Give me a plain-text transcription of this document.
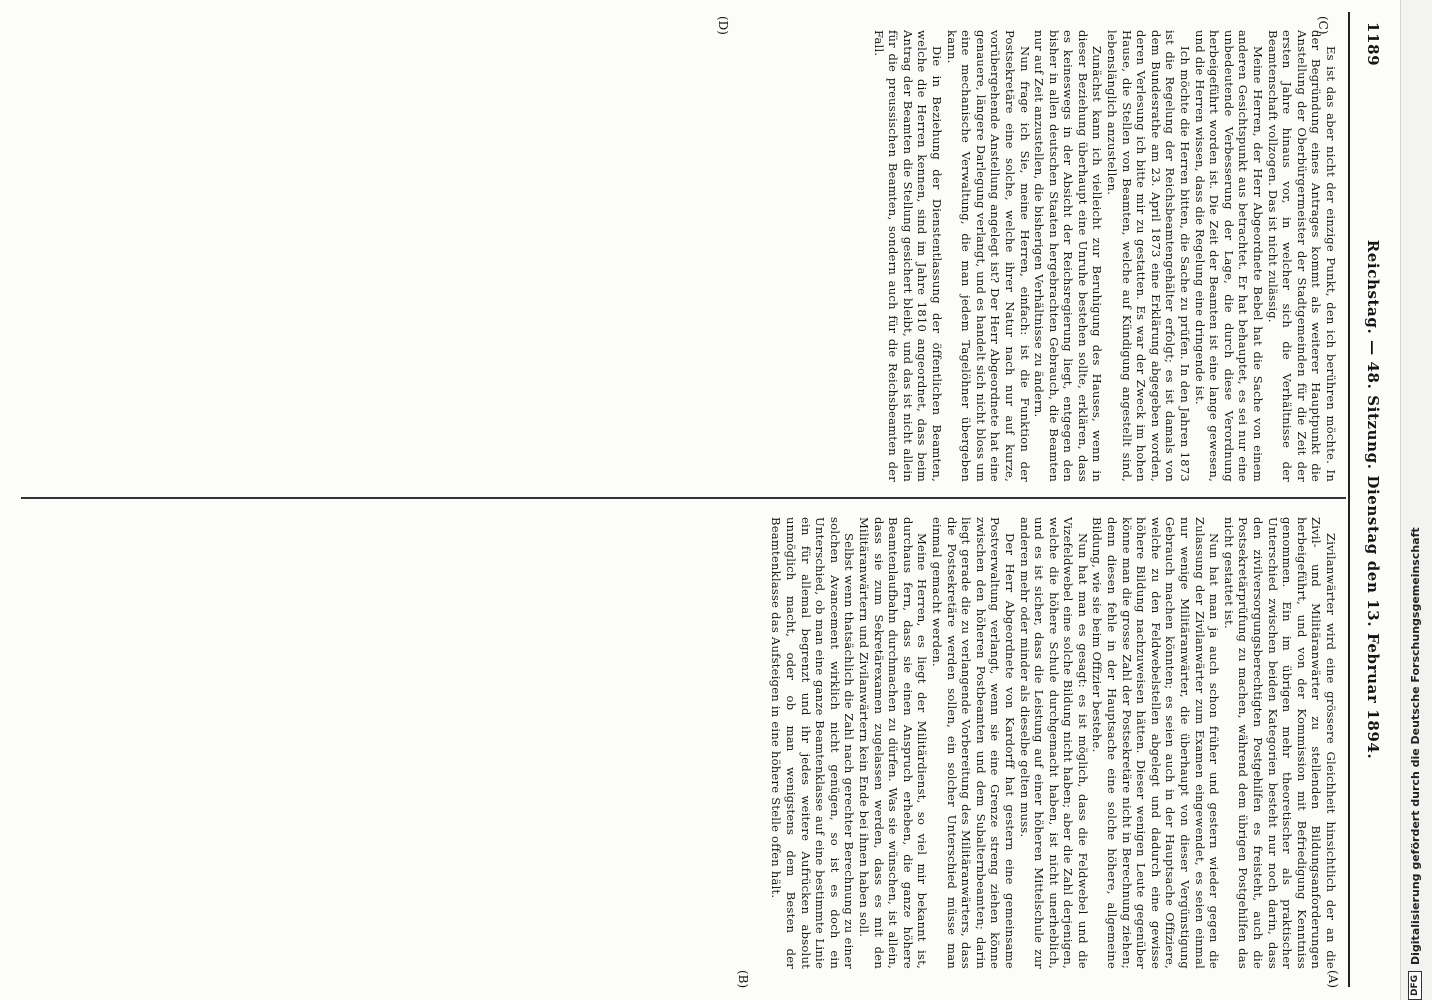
1189
Reichstag. — 48. Sitzung. Dienstag den 13. Februar 1894.
(C)
(D)
(A)
(B)

Es ist das aber nicht der einzige Punkt, den ich berühren möchte. In der Begründung eines Antrages kommt als weiterer Hauptpunkt die Anstellung der Oberbürgermeister der Stadtgemeinden für die Zeit der ersten Jahre hinaus vor, in welcher sich die Verhältnisse der Beamtenschaft vollzogen. Das ist nicht zulässig.

Meine Herren, der Herr Abgeordnete Bebel hat die Sache von einem anderen Gesichtspunkt aus betrachtet. Er hat behauptet, es sei nur eine unbedeutende Verbesserung der Lage, die durch diese Verordnung herbeigeführt worden ist. Die Zeit der Beamten ist eine lange gewesen, und die Herren wissen, dass die Regelung eine dringende ist.

Ich möchte die Herren bitten, die Sache zu prüfen. In den Jahren 1873 ist die Regelung der Reichsbeamtengehälter erfolgt; es ist damals von dem Bundesrathe am 23. April 1873 eine Erklärung abgegeben worden, deren Verlesung ich bitte mir zu gestatten. Es war der Zweck im hohen Hause, die Stellen von Beamten, welche auf Kündigung angestellt sind, lebenslänglich anzustellen.

Zunächst kann ich vielleicht zur Beruhigung des Hauses, wenn in dieser Beziehung überhaupt eine Unruhe bestehen sollte, erklären, dass es keineswegs in der Absicht der Reichsregierung liegt, entgegen den bisher in allen deutschen Staaten hergebrachten Gebrauch, die Beamten nur auf Zeit anzustellen, die bisherigen Verhältnisse zu ändern.

Nun frage ich Sie, meine Herren, einfach: ist die Funktion der Postsekretäre eine solche, welche ihrer Natur nach nur auf kurze, vorübergehende Anstellung angelegt ist? Der Herr Abgeordnete hat eine genauere, längere Darlegung verlangt, und es handelt sich nicht bloss um eine mechanische Verwaltung, die man jedem Tagelöhner übergeben kann.

Die in Beziehung der Dienstentlassung der öffentlichen Beamten, welche die Herren kennen, sind im Jahre 1810 angeordnet, dass beim Antrag der Beamten die Stellung gesichert bleibt, und das ist nicht allein für die preussischen Beamten, sondern auch für die Reichsbeamten der Fall.

Zivilanwärter wird eine grössere Gleichheit hinsichtlich der an die Zivil- und Militäranwärter zu stellenden Bildungsanforderungen herbeigeführt, und von der Kommission mit Befriedigung Kenntniss genommen. Ein im übrigen mehr theoretischer als praktischer Unterschied zwischen beiden Kategorien besteht nur noch darin, dass den zivilversorgungsberechtigten Postgehilfen es freisteht, auch die Postsekretärprüfung zu machen, während dem übrigen Postgehilfen das nicht gestattet ist.

Nun hat man ja auch schon früher und gestern wieder gegen die Zulassung der Zivilanwärter zum Examen eingewendet, es seien einmal nur wenige Militäranwärter, die überhaupt von dieser Vergünstigung Gebrauch machen könnten; es seien auch in der Hauptsache Offiziere, welche zu den Feldwebelstellen abgelegt und dadurch eine gewisse höhere Bildung nachzuweisen hätten. Dieser wenigen Leute gegenüber könne man die grosse Zahl der Postsekretäre nicht in Berechnung ziehen; denn diesen fehle in der Hauptsache eine solche höhere, allgemeine Bildung, wie sie beim Offizier bestehe.

Nun hat man es gesagt: es ist möglich, dass die Feldwebel und die Vizefeldwebel eine solche Bildung nicht haben; aber die Zahl derjenigen, welche die höhere Schule durchgemacht haben, ist nicht unerheblich, und es ist sicher, dass die Leistung auf einer höheren Mittelschule zur anderen mehr oder minder als dieselbe gelten muss.

Der Herr Abgeordnete von Kardorff hat gestern eine gemeinsame Postverwaltung verlangt, wenn sie eine Grenze streng ziehen könne zwischen den höheren Postbeamten und dem Subalternbeamten; darin liegt gerade die zu verlangende Vorbereitung des Militäranwärters, dass die Postsekretäre werden sollen, ein solcher Unterschied müsse man einmal gemacht werden.

Meine Herren, es liegt der Militärdienst, so viel mir bekannt ist, durchaus fern, dass sie einen Anspruch erheben, die ganze höhere Beamtenlaufbahn durchmachen zu dürfen. Was sie wünschen, ist allein, dass sie zum Sekretärexamen zugelassen werden, dass es mit den Militäranwärtern und Zivilanwärtern kein Ende bei ihnen haben soll.

Selbst wenn thatsächlich die Zahl nach gerechter Berechnung zu einer solchen Avancement wirklich nicht genügen, so ist es doch ein Unterschied, ob man eine ganze Beamtenklasse auf eine bestimmte Linie ein für allemal begrenzt und ihr jedes weitere Aufrücken absolut unmöglich macht, oder ob man wenigstens dem Besten der Beamtenklasse das Aufsteigen in eine höhere Stelle offen hält.

DFG
Digitalisierung gefördert durch die Deutsche Forschungsgemeinschaft
